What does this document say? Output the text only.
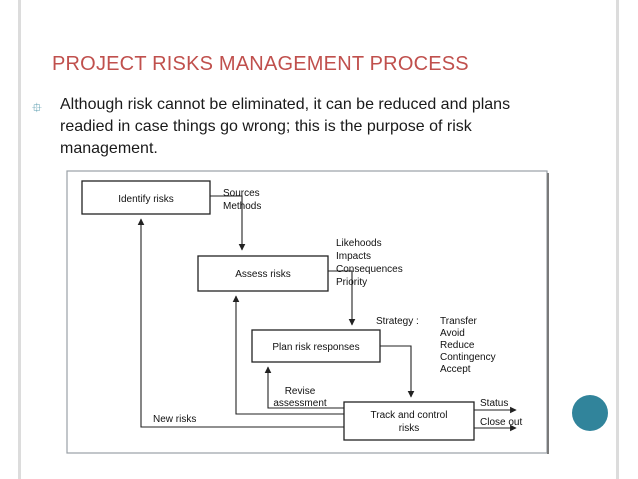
PROJECT RISKS MANAGEMENT PROCESS
⯐ Although risk cannot be eliminated, it can be reduced and plans readied in case things go wrong; this is the purpose of risk management.
Identify risks
Assess risks
Plan risk responses
Track and control
risks
Sources
Methods
Likehoods
Impacts
Consequences
Priority
Strategy : Transfer
Avoid
Reduce
Contingency
Accept
Revise
assessment
New risks
Status
Close out
